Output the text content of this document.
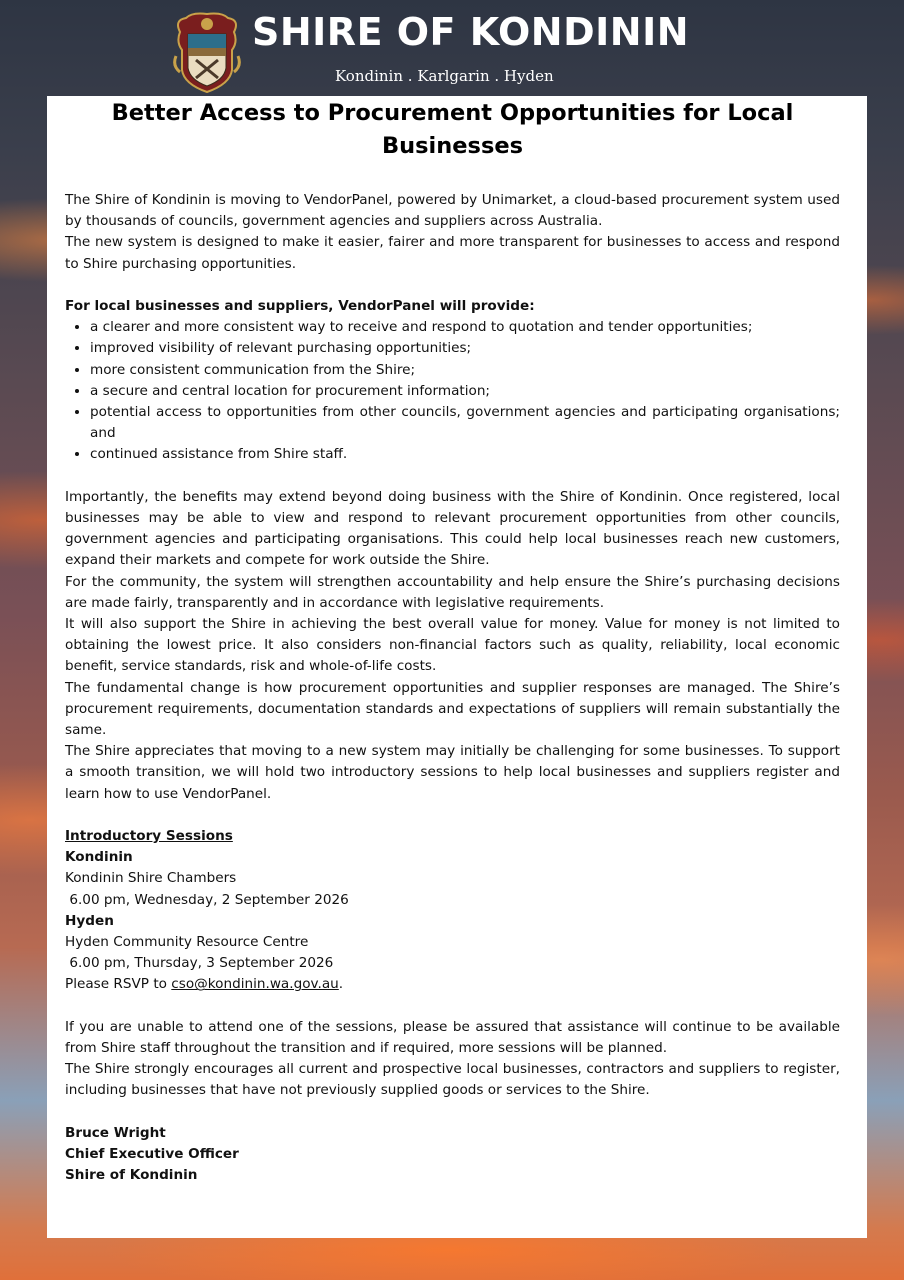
SHIRE OF KONDININ

Kondinin . Karlgarin . Hyden

Better Access to Procurement Opportunities for Local Businesses

The Shire of Kondinin is moving to VendorPanel, powered by Unimarket, a cloud-based procurement system used by thousands of councils, government agencies and suppliers across Australia.

The new system is designed to make it easier, fairer and more transparent for businesses to access and respond to Shire purchasing opportunities.

For local businesses and suppliers, VendorPanel will provide:

• a clearer and more consistent way to receive and respond to quotation and tender opportunities;
• improved visibility of relevant purchasing opportunities;
• more consistent communication from the Shire;
• a secure and central location for procurement information;
• potential access to opportunities from other councils, government agencies and participating organisations; and
• continued assistance from Shire staff.

Importantly, the benefits may extend beyond doing business with the Shire of Kondinin. Once registered, local businesses may be able to view and respond to relevant procurement opportunities from other councils, government agencies and participating organisations. This could help local businesses reach new customers, expand their markets and compete for work outside the Shire.

For the community, the system will strengthen accountability and help ensure the Shire’s purchasing decisions are made fairly, transparently and in accordance with legislative requirements.

It will also support the Shire in achieving the best overall value for money. Value for money is not limited to obtaining the lowest price. It also considers non-financial factors such as quality, reliability, local economic benefit, service standards, risk and whole-of-life costs.

The fundamental change is how procurement opportunities and supplier responses are managed. The Shire’s procurement requirements, documentation standards and expectations of suppliers will remain substantially the same.

The Shire appreciates that moving to a new system may initially be challenging for some businesses. To support a smooth transition, we will hold two introductory sessions to help local businesses and suppliers register and learn how to use VendorPanel.

Introductory Sessions

Kondinin

Kondinin Shire Chambers

6.00 pm, Wednesday, 2 September 2026

Hyden

Hyden Community Resource Centre

6.00 pm, Thursday, 3 September 2026

Please RSVP to cso@kondinin.wa.gov.au.

If you are unable to attend one of the sessions, please be assured that assistance will continue to be available from Shire staff throughout the transition and if required, more sessions will be planned.

The Shire strongly encourages all current and prospective local businesses, contractors and suppliers to register, including businesses that have not previously supplied goods or services to the Shire.

Bruce Wright

Chief Executive Officer

Shire of Kondinin
